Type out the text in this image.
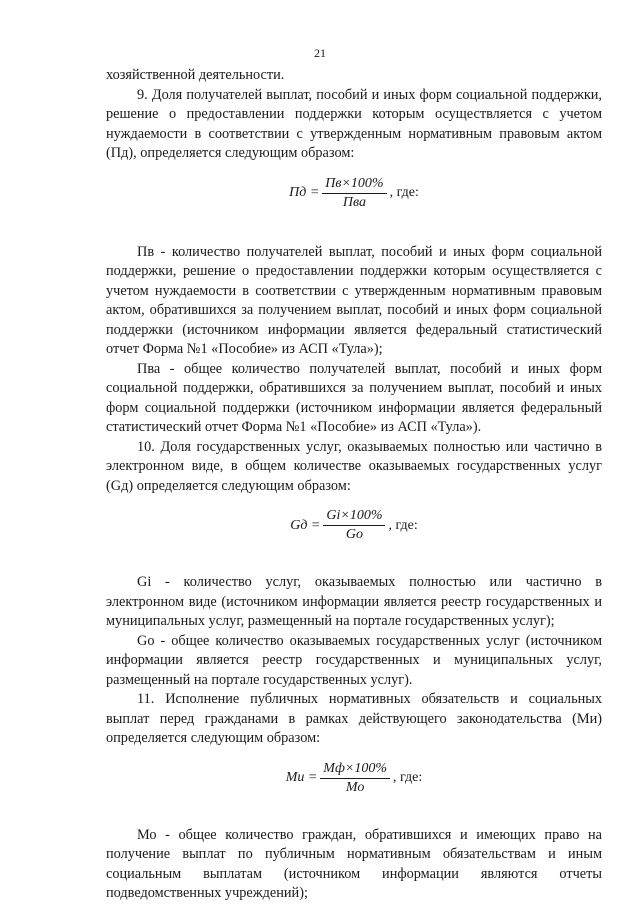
21

хозяйственной деятельности.

9. Доля получателей выплат, пособий и иных форм социальной поддержки, решение о предоставлении поддержки которым осуществляется с учетом нуждаемости в соответствии с утвержденным нормативным правовым актом (Пд), определяется следующим образом:

Пд = $\frac{Пв\times 100\%}{\text{Пва}}$ , где:

Пв - количество получателей выплат, пособий и иных форм социальной поддержки, решение о предоставлении поддержки которым осуществляется с учетом нуждаемости в соответствии с утвержденным нормативным правовым актом, обратившихся за получением выплат, пособий и иных форм социальной поддержки (источником информации является федеральный статистический отчет Форма №1 «Пособие» из АСП «Тула»);

Пва - общее количество получателей выплат, пособий и иных форм социальной поддержки, обратившихся за получением выплат, пособий и иных форм социальной поддержки (источником информации является федеральный статистический отчет Форма №1 «Пособие» из АСП «Тула»).

10. Доля государственных услуг, оказываемых полностью или частично в электронном виде, в общем количестве оказываемых государственных услуг (Gд) определяется следующим образом:

Gд = $\frac{Gi\times 100\%}{Go}$ , где:

Gi - количество услуг, оказываемых полностью или частично в электронном виде (источником информации является реестр государственных и муниципальных услуг, размещенный на портале государственных услуг);

Go - общее количество оказываемых государственных услуг (источником информации является реестр государственных и муниципальных услуг, размещенный на портале государственных услуг).

11. Исполнение публичных нормативных обязательств и социальных выплат перед гражданами в рамках действующего законодательства (Ми) определяется следующим образом:

Ми = $\frac{Мф\times 100\%}{Мо}$ , где:

Мо - общее количество граждан, обратившихся и имеющих право на получение выплат по публичным нормативным обязательствам и иным социальным выплатам (источником информации являются отчеты подведомственных учреждений);
